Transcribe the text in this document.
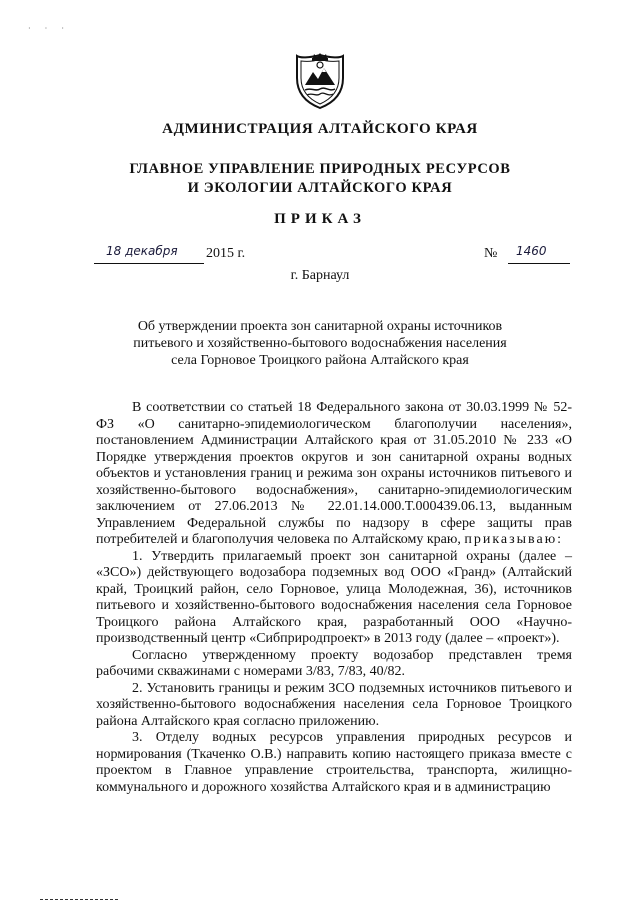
· · ·
АДМИНИСТРАЦИЯ АЛТАЙСКОГО КРАЯ
ГЛАВНОЕ УПРАВЛЕНИЕ ПРИРОДНЫХ РЕСУРСОВ
И ЭКОЛОГИИ АЛТАЙСКОГО КРАЯ
ПРИКАЗ
18 декабря 2015 г.	№ 1460
г. Барнаул
Об утверждении проекта зон санитарной охраны источников
питьевого и хозяйственно-бытового водоснабжения населения
села Горновое Троицкого района Алтайского края

В соответствии со статьей 18 Федерального закона от 30.03.1999 № 52-ФЗ «О санитарно-эпидемиологическом благополучии населения», постановлением Администрации Алтайского края от 31.05.2010 № 233 «О Порядке утверждения проектов округов и зон санитарной охраны водных объектов и установления границ и режима зон охраны источников питьевого и хозяйственно-бытового водоснабжения», санитарно-эпидемиологическим заключением от 27.06.2013 № 22.01.14.000.Т.000439.06.13, выданным Управлением Федеральной службы по надзору в сфере защиты прав потребителей и благополучия человека по Алтайскому краю, приказываю:

1. Утвердить прилагаемый проект зон санитарной охраны (далее – «ЗСО») действующего водозабора подземных вод ООО «Гранд» (Алтайский край, Троицкий район, село Горновое, улица Молодежная, 36), источников питьевого и хозяйственно-бытового водоснабжения населения села Горновое Троицкого района Алтайского края, разработанный ООО «Научно-производственный центр «Сибприродпроект» в 2013 году (далее – «проект»).

Согласно утвержденному проекту водозабор представлен тремя рабочими скважинами с номерами 3/83, 7/83, 40/82.

2. Установить границы и режим ЗСО подземных источников питьевого и хозяйственно-бытового водоснабжения населения села Горновое Троицкого района Алтайского края согласно приложению.

3. Отделу водных ресурсов управления природных ресурсов и нормирования (Ткаченко О.В.) направить копию настоящего приказа вместе с проектом в Главное управление строительства, транспорта, жилищно-коммунального и дорожного хозяйства Алтайского края и в администрацию
